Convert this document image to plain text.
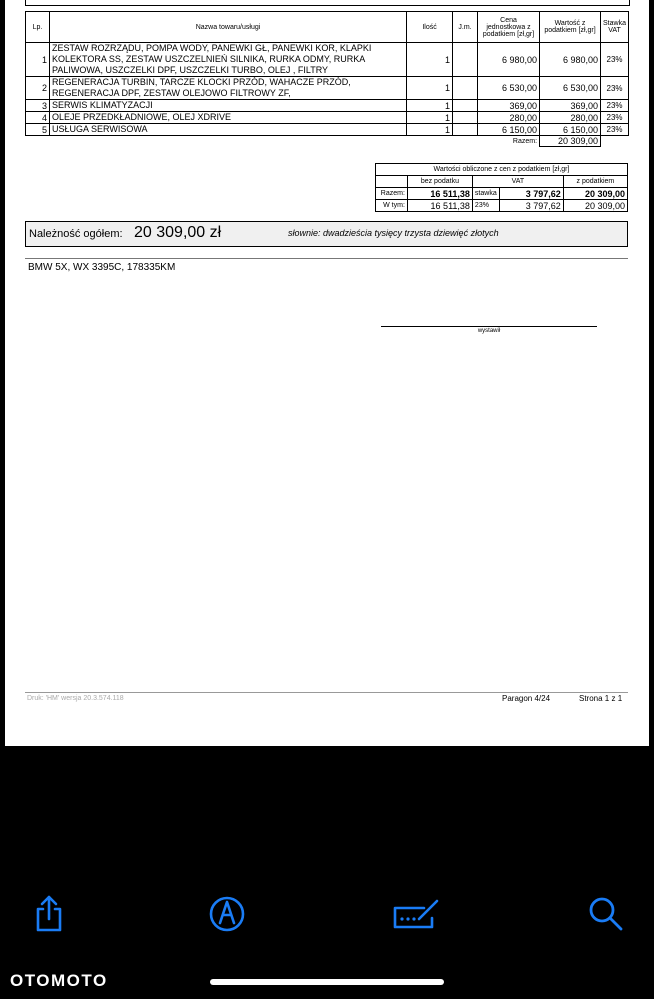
Lp.	Nazwa towaru/usługi	Ilość	J.m.	Cena jednostkowa z podatkiem [zł,gr]	Wartość z podatkiem [zł,gr]	Stawka VAT
1	ZESTAW ROZRZĄDU, POMPA WODY, PANEWKI GŁ, PANEWKI KOR, KLAPKI KOLEKTORA SS, ZESTAW USZCZELNIEŃ SILNIKA, RURKA ODMY, RURKA PALIWOWA, USZCZELKI DPF, USZCZELKI TURBO, OLEJ , FILTRY	1		6 980,00	6 980,00	23%
2	REGENERACJA TURBIN, TARCZE KLOCKI PRZÓD, WAHACZE PRZÓD, REGENERACJA DPF, ZESTAW OLEJOWO FILTROWY ZF,	1		6 530,00	6 530,00	23%
3	SERWIS KLIMATYZACJI	1		369,00	369,00	23%
4	OLEJE PRZEDKŁADNIOWE, OLEJ XDRIVE	1		280,00	280,00	23%
5	USŁUGA SERWISOWA	1		6 150,00	6 150,00	23%
Razem:					20 309,00	
Wartości obliczone z cen z podatkiem [zł,gr]				
	bez podatku	VAT		z podatkiem
Razem:	16 511,38	stawka	3 797,62	20 309,00
W tym:	16 511,38	23%	3 797,62	20 309,00
Należność ogółem: 20 309,00 zł	słownie: dwadzieścia tysięcy trzysta dziewięć złotych
BMW 5X, WX 3395C, 178335KM
wystawił
Druk: 'HM' wersja 20.3.574.118	Paragon 4/24	Strona 1 z 1
OTOMOTO
